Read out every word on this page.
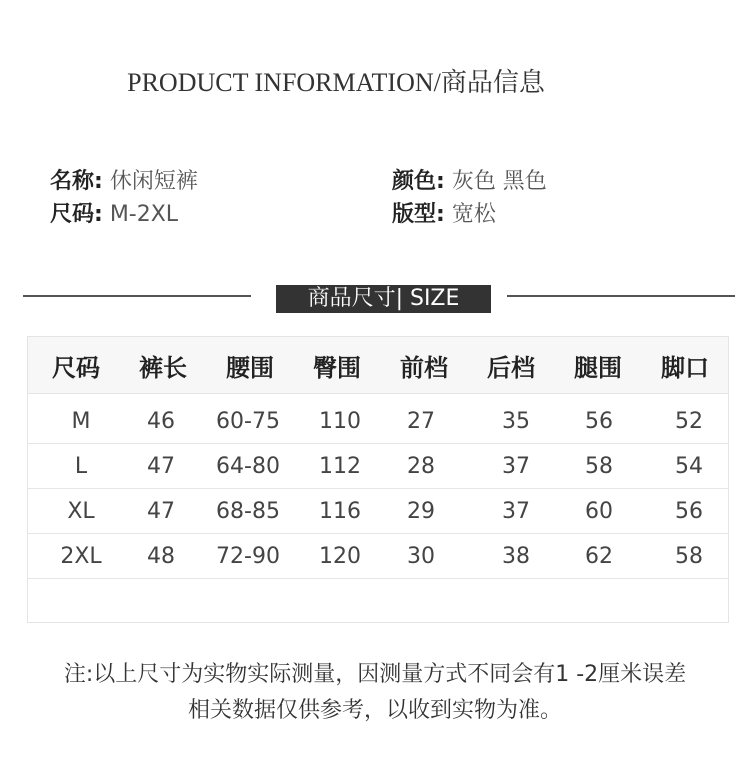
PRODUCT INFORMATION/商品信息
名称: 休闲短裤	颜色: 灰色 黑色
尺码: M-2XL	版型: 宽松
商品尺寸| SIZE
尺码 裤长 腰围 臀围 前档 后档 腿围 脚口
M	46 60-75 110 27	35	56	52
L	47 64-80 112 28	37	58	54
XL 47 68-85 116 29	37	60	56
2XL 48 72-90 120 30	38	62	58
注:以上尺寸为实物实际测量，因测量方式不同会有1 -2厘米误差
相关数据仅供参考，以收到实物为准。
